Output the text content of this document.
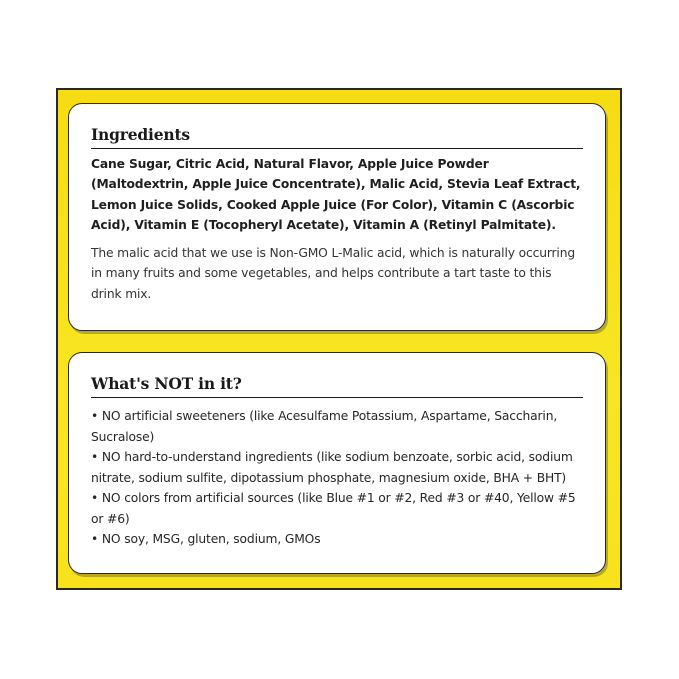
Ingredients

Cane Sugar, Citric Acid, Natural Flavor, Apple Juice Powder (Maltodextrin, Apple Juice Concentrate), Malic Acid, Stevia Leaf Extract, Lemon Juice Solids, Cooked Apple Juice (For Color), Vitamin C (Ascorbic Acid), Vitamin E (Tocopheryl Acetate), Vitamin A (Retinyl Palmitate).

The malic acid that we use is Non-GMO L-Malic acid, which is naturally occurring in many fruits and some vegetables, and helps contribute a tart taste to this drink mix.

What's NOT in it?
• NO artificial sweeteners (like Acesulfame Potassium, Aspartame, Saccharin, Sucralose)
• NO hard-to-understand ingredients (like sodium benzoate, sorbic acid, sodium nitrate, sodium sulfite, dipotassium phosphate, magnesium oxide, BHA + BHT)
• NO colors from artificial sources (like Blue #1 or #2, Red #3 or #40, Yellow #5 or #6)
• NO soy, MSG, gluten, sodium, GMOs
